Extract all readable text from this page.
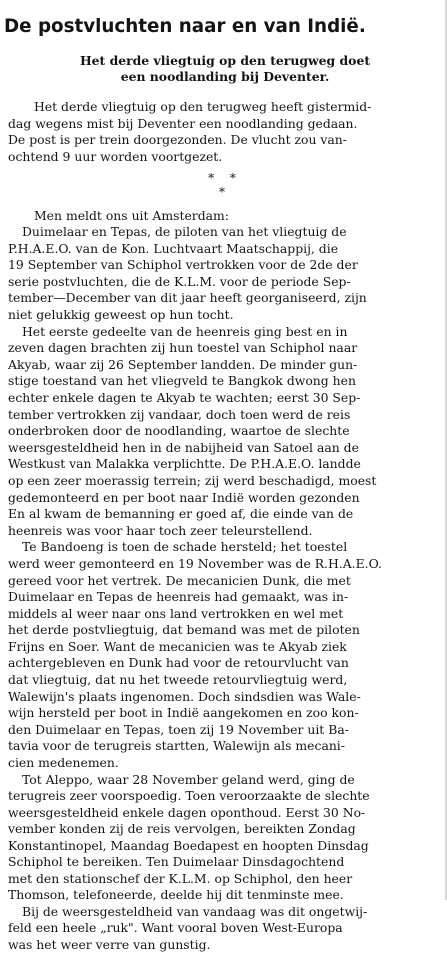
De postvluchten naar en van Indië.
Het derde vliegtuig op den terugweg doet
een noodlanding bij Deventer.
* * *
Het derde vliegtuig op den terugweg heeft gistermid-
dag wegens mist bij Deventer een noodlanding gedaan.
De post is per trein doorgezonden. De vlucht zou van-
ochtend 9 uur worden voortgezet.
Men meldt ons uit Amsterdam:
Duimelaar en Tepas, de piloten van het vliegtuig de
P.H.A.E.O. van de Kon. Luchtvaart Maatschappij, die
19 September van Schiphol vertrokken voor de 2de der
serie postvluchten, die de K.L.M. voor de periode Sep-
tember—December van dit jaar heeft georganiseerd, zijn
niet gelukkig geweest op hun tocht.
Het eerste gedeelte van de heenreis ging best en in
zeven dagen brachten zij hun toestel van Schiphol naar
Akyab, waar zij 26 September landden. De minder gun-
stige toestand van het vliegveld te Bangkok dwong hen
echter enkele dagen te Akyab te wachten; eerst 30 Sep-
tember vertrokken zij vandaar, doch toen werd de reis
onderbroken door de noodlanding, waartoe de slechte
weersgesteldheid hen in de nabijheid van Satoel aan de
Westkust van Malakka verplichtte. De P.H.A.E.O. landde
op een zeer moerassig terrein; zij werd beschadigd, moest
gedemonteerd en per boot naar Indië worden gezonden
En al kwam de bemanning er goed af, die einde van de
heenreis was voor haar toch zeer teleurstellend.
Te Bandoeng is toen de schade hersteld; het toestel
werd weer gemonteerd en 19 November was de R.H.A.E.O.
gereed voor het vertrek. De mecanicien Dunk, die met
Duimelaar en Tepas de heenreis had gemaakt, was in-
middels al weer naar ons land vertrokken en wel met
het derde postvliegtuig, dat bemand was met de piloten
Frijns en Soer. Want de mecanicien was te Akyab ziek
achtergebleven en Dunk had voor de retourvlucht van
dat vliegtuig, dat nu het tweede retourvliegtuig werd,
Walewijn's plaats ingenomen. Doch sindsdien was Wale-
wijn hersteld per boot in Indië aangekomen en zoo kon-
den Duimelaar en Tepas, toen zij 19 November uit Ba-
tavia voor de terugreis startten, Walewijn als mecani-
cien medenemen.
Tot Aleppo, waar 28 November geland werd, ging de
terugreis zeer voorspoedig. Toen veroorzaakte de slechte
weersgesteldheid enkele dagen oponthoud. Eerst 30 No-
vember konden zij de reis vervolgen, bereikten Zondag
Konstantinopel, Maandag Boedapest en hoopten Dinsdag
Schiphol te bereiken. Ten Duimelaar Dinsdagochtend
met den stationschef der K.L.M. op Schiphol, den heer
Thomson, telefoneerde, deelde hij dit tenminste mee.
Bij de weersgesteldheid van vandaag was dit ongetwij-
feld een heele „ruk". Want vooral boven West-Europa
was het weer verre van gunstig.
